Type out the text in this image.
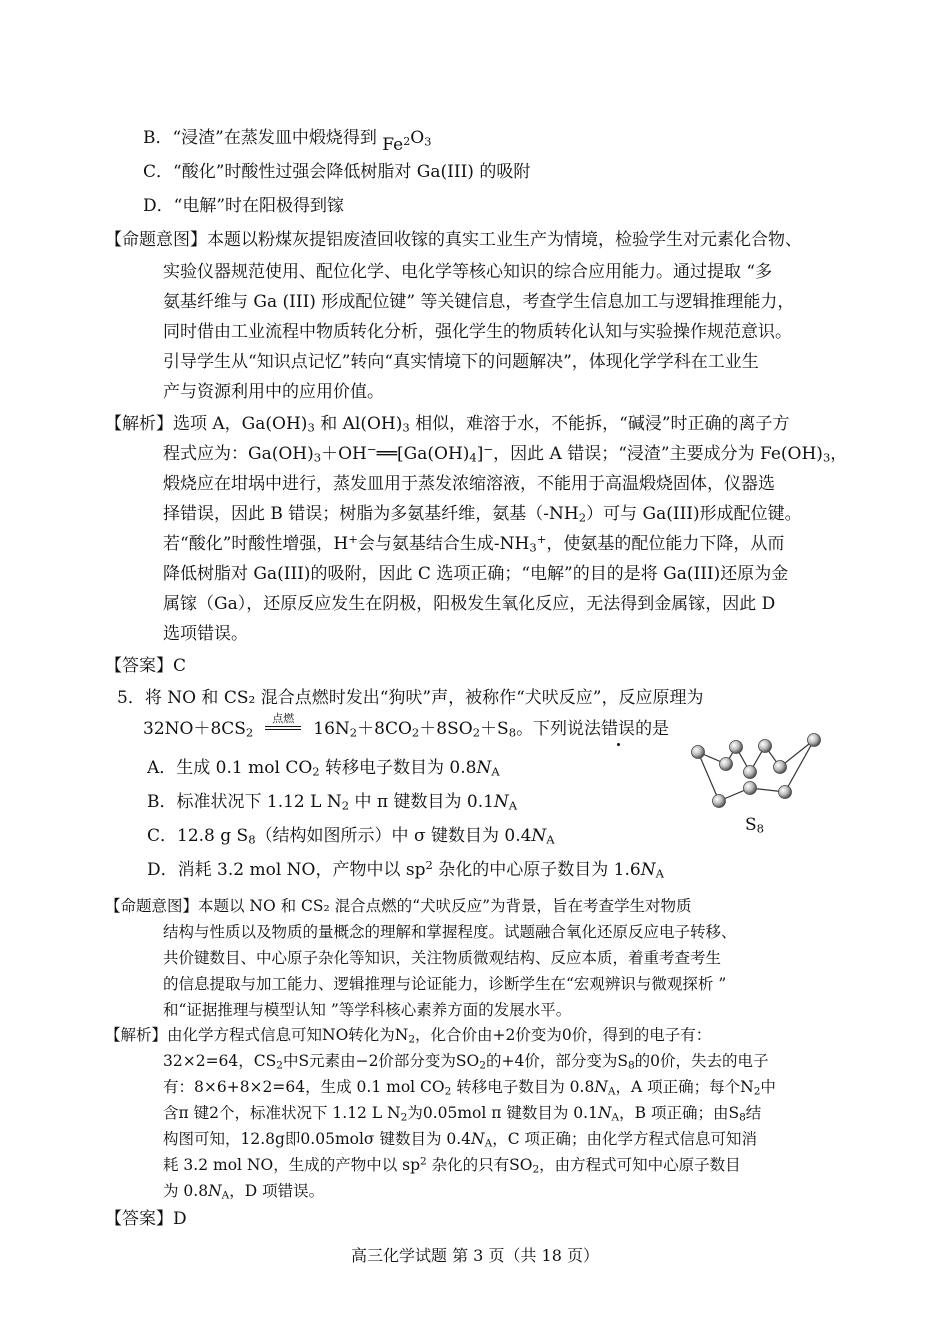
B．“浸渣”在蒸发皿中煅烧得到 $Fe2O_3$
C．“酸化”时酸性过强会降低树脂对 Ga(III) 的吸附
D．“电解”时在阳极得到镓
【命题意图】本题以粉煤灰提铝废渣回收镓的真实工业生产为情境，检验学生对元素化合物、
实验仪器规范使用、配位化学、电化学等核心知识的综合应用能力。通过提取 “多
氨基纤维与 Ga (III) 形成配位键” 等关键信息，考查学生信息加工与逻辑推理能力，
同时借由工业流程中物质转化分析，强化学生的物质转化认知与实验操作规范意识。
引导学生从“知识点记忆”转向“真实情境下的问题解决”，体现化学学科在工业生
产与资源利用中的应用价值。
【解析】选项 A，$Ga(OH)_3$ 和 $Al(OH)_3$ 相似，难溶于水，不能拆，“碱浸”时正确的离子方
程式应为：$Ga(OH)_3+OH^-══[Ga(OH)_4]^-$，因此 A 错误；“浸渣”主要成分为 $Fe(OH)_3$，
煅烧应在坩埚中进行，蒸发皿用于蒸发浓缩溶液，不能用于高温煅烧固体，仪器选
择错误，因此 B 错误；树脂为多氨基纤维，氨基$(-NH_2)$可与 Ga(III)形成配位键。
若“酸化”时酸性增强，H+会与氨基结合生成$-NH_3^+$，使氨基的配位能力下降，从而
降低树脂对 Ga(III)的吸附，因此 C 选项正确；“电解”的目的是将 Ga(III)还原为金
属镓（Ga），还原反应发生在阴极，阳极发生氧化反应，无法得到金属镓，因此 D
选项错误。
【答案】C
5．将 NO 和 CS₂ 混合点燃时发出“狗吠”声，被称作“犬吠反应”，反应原理为
$32NO+8CS_2$
点燃
$16N_2+8CO_2+8SO_2+S_8$。下列说法错误的是
A．生成 0.1 mol $CO_2$ 转移电子数目为 $0.8N_A$
B．标准状况下 1.12 L $N_2$ 中 π 键数目为 $0.1N_A$
C．12.8 g $S_8$（结构如图所示）中 σ 键数目为 $0.4N_A$
D．消耗 3.2 mol NO，产物中以 $sp^2$ 杂化的中心原子数目为 $1.6N_A$
$S_8$
【命题意图】本题以 NO 和 CS₂ 混合点燃的“犬吠反应”为背景，旨在考查学生对物质
结构与性质以及物质的量概念的理解和掌握程度。试题融合氧化还原反应电子转移、
共价键数目、中心原子杂化等知识，关注物质微观结构、反应本质，着重考查考生
的信息提取与加工能力、逻辑推理与论证能力，诊断学生在“宏观辨识与微观探析 ”
和“证据推理与模型认知 ”等学科核心素养方面的发展水平。
【解析】由化学方程式信息可知NO转化为$N_2$，化合价由+2价变为0价，得到的电子有：
32×2=64，$CS_2$中S元素由−2价部分变为$SO_2$的+4价，部分变为$S_8$的0价，失去的电子
有：8×6+8×2=64，生成 0.1 mol $CO_2$ 转移电子数目为 $0.8N_A$，A 项正确；每个$N_2$中
含π 键2个，标准状况下 1.12 L $N_2$为0.05mol π 键数目为 $0.1N_A$，B 项正确；由$S_8$结
构图可知，12.8g即0.05molσ 键数目为 $0.4N_A$，C 项正确；由化学方程式信息可知消
耗 3.2 mol NO，生成的产物中以 $sp^2$ 杂化的只有$SO_2$，由方程式可知中心原子数目
为 $0.8N_A$，D 项错误。
【答案】D
高三化学试题 第 3 页（共 18 页）
